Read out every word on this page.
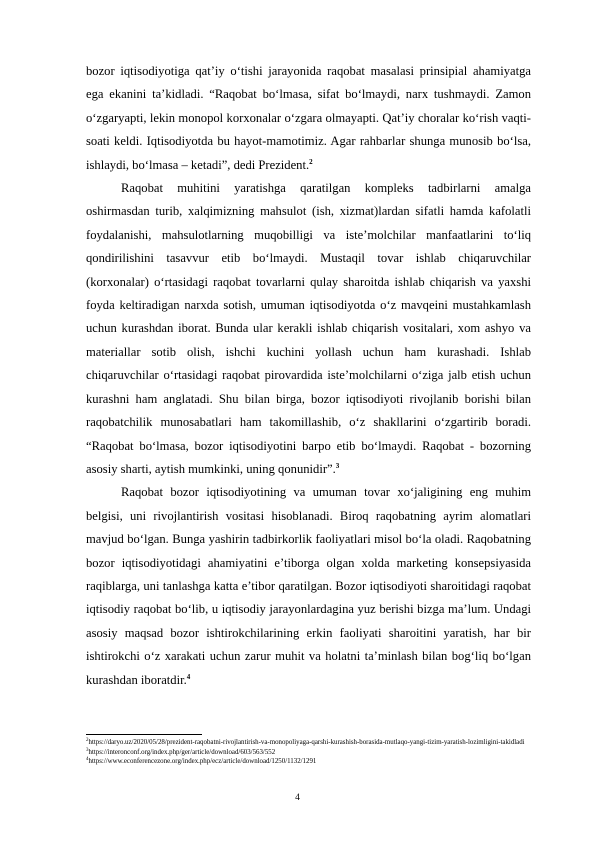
bozor iqtisodiyotiga qat’iy o‘tishi jarayonida raqobat masalasi prinsipial ahamiyatga ega ekanini ta’kidladi. “Raqobat bo‘lmasa, sifat bo‘lmaydi, narx tushmaydi. Zamon o‘zgaryapti, lekin monopol korxonalar o‘zgara olmayapti. Qat’iy choralar ko‘rish vaqti-soati keldi. Iqtisodiyotda bu hayot-mamotimiz. Agar rahbarlar shunga munosib bo‘lsa, ishlaydi, bo‘lmasa – ketadi”, dedi Prezident.$^2$

Raqobat muhitini yaratishga qaratilgan kompleks tadbirlarni amalga oshirmasdan turib, xalqimizning mahsulot (ish, xizmat)lardan sifatli hamda kafolatli foydalanishi, mahsulotlarning muqobilligi va iste’molchilar manfaatlarini to‘liq qondirilishini tasavvur etib bo‘lmaydi. Mustaqil tovar ishlab chiqaruvchilar (korxonalar) o‘rtasidagi raqobat tovarlarni qulay sharoitda ishlab chiqarish va yaxshi foyda keltiradigan narxda sotish, umuman iqtisodiyotda o‘z mavqeini mustahkamlash uchun kurashdan iborat. Bunda ular kerakli ishlab chiqarish vositalari, xom ashyo va materiallar sotib olish, ishchi kuchini yollash uchun ham kurashadi. Ishlab chiqaruvchilar o‘rtasidagi raqobat pirovardida iste’molchilarni o‘ziga jalb etish uchun kurashni ham anglatadi. Shu bilan birga, bozor iqtisodiyoti rivojlanib borishi bilan raqobatchilik munosabatlari ham takomillashib, o‘z shakllarini o‘zgartirib boradi. “Raqobat bo‘lmasa, bozor iqtisodiyotini barpo etib bo‘lmaydi. Raqobat - bozorning asosiy sharti, aytish mumkinki, uning qonunidir”.$^3$

Raqobat bozor iqtisodiyotining va umuman tovar xo‘jaligining eng muhim belgisi, uni rivojlantirish vositasi hisoblanadi. Biroq raqobatning ayrim alomatlari mavjud bo‘lgan. Bunga yashirin tadbirkorlik faoliyatlari misol bo‘la oladi. Raqobatning bozor iqtisodiyotidagi ahamiyatini e’tiborga olgan xolda marketing konsepsiyasida raqiblarga, uni tanlashga katta e’tibor qaratilgan. Bozor iqtisodiyoti sharoitidagi raqobat iqtisodiy raqobat bo‘lib, u iqtisodiy jarayonlardagina yuz berishi bizga ma’lum. Undagi asosiy maqsad bozor ishtirokchilarining erkin faoliyati sharoitini yaratish, har bir ishtirokchi o‘z xarakati uchun zarur muhit va holatni ta’minlash bilan bog‘liq bo‘lgan kurashdan iboratdir.$^4$

$^2$https://daryo.uz/2020/05/28/prezident-raqobatni-rivojlantirish-va-monopoliyaga-qarshi-kurashish-borasida-mutlaqo-yangi-tizim-yaratish-lozimligini-takidladi

$^3$https://interonconf.org/index.php/ger/article/download/603/563/552

$^4$https://www.econferencezone.org/index.php/ecz/article/download/1250/1132/1291

4
